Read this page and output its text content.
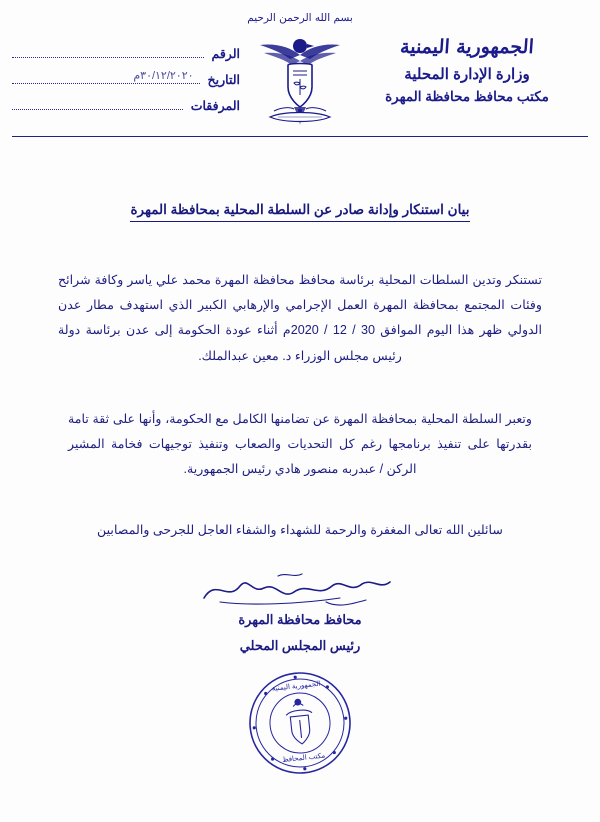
الجمهورية اليمنية
وزارة الإدارة المحلية
مكتب محافظ محافظة المهرة
بسم الله الرحمن الرحيم
الرقم
التاريخ
٣٠/١٢/٢٠٢٠م
المرفقات
بيان استنكار وإدانة صادر عن السلطة المحلية بمحافظة المهرة

تستنكر وتدين السلطات المحلية برئاسة محافظ محافظة المهرة محمد علي ياسر وكافة شرائح وفئات المجتمع بمحافظة المهرة العمل الإجرامي والإرهابي الكبير الذي استهدف مطار عدن الدولي ظهر هذا اليوم الموافق 30 / 12 / 2020م أثناء عودة الحكومة إلى عدن برئاسة دولة رئيس مجلس الوزراء د. معين عبدالملك.

وتعبر السلطة المحلية بمحافظة المهرة عن تضامنها الكامل مع الحكومة، وأنها على ثقة تامة بقدرتها على تنفيذ برنامجها رغم كل التحديات والصعاب وتنفيذ توجيهات فخامة المشير الركن / عبدربه منصور هادي رئيس الجمهورية.

سائلين الله تعالى المغفرة والرحمة للشهداء والشفاء العاجل للجرحى والمصابين

محافظ محافظة المهرة
رئيس المجلس المحلي
الجمهورية اليمنية
مكتب المحافظ
